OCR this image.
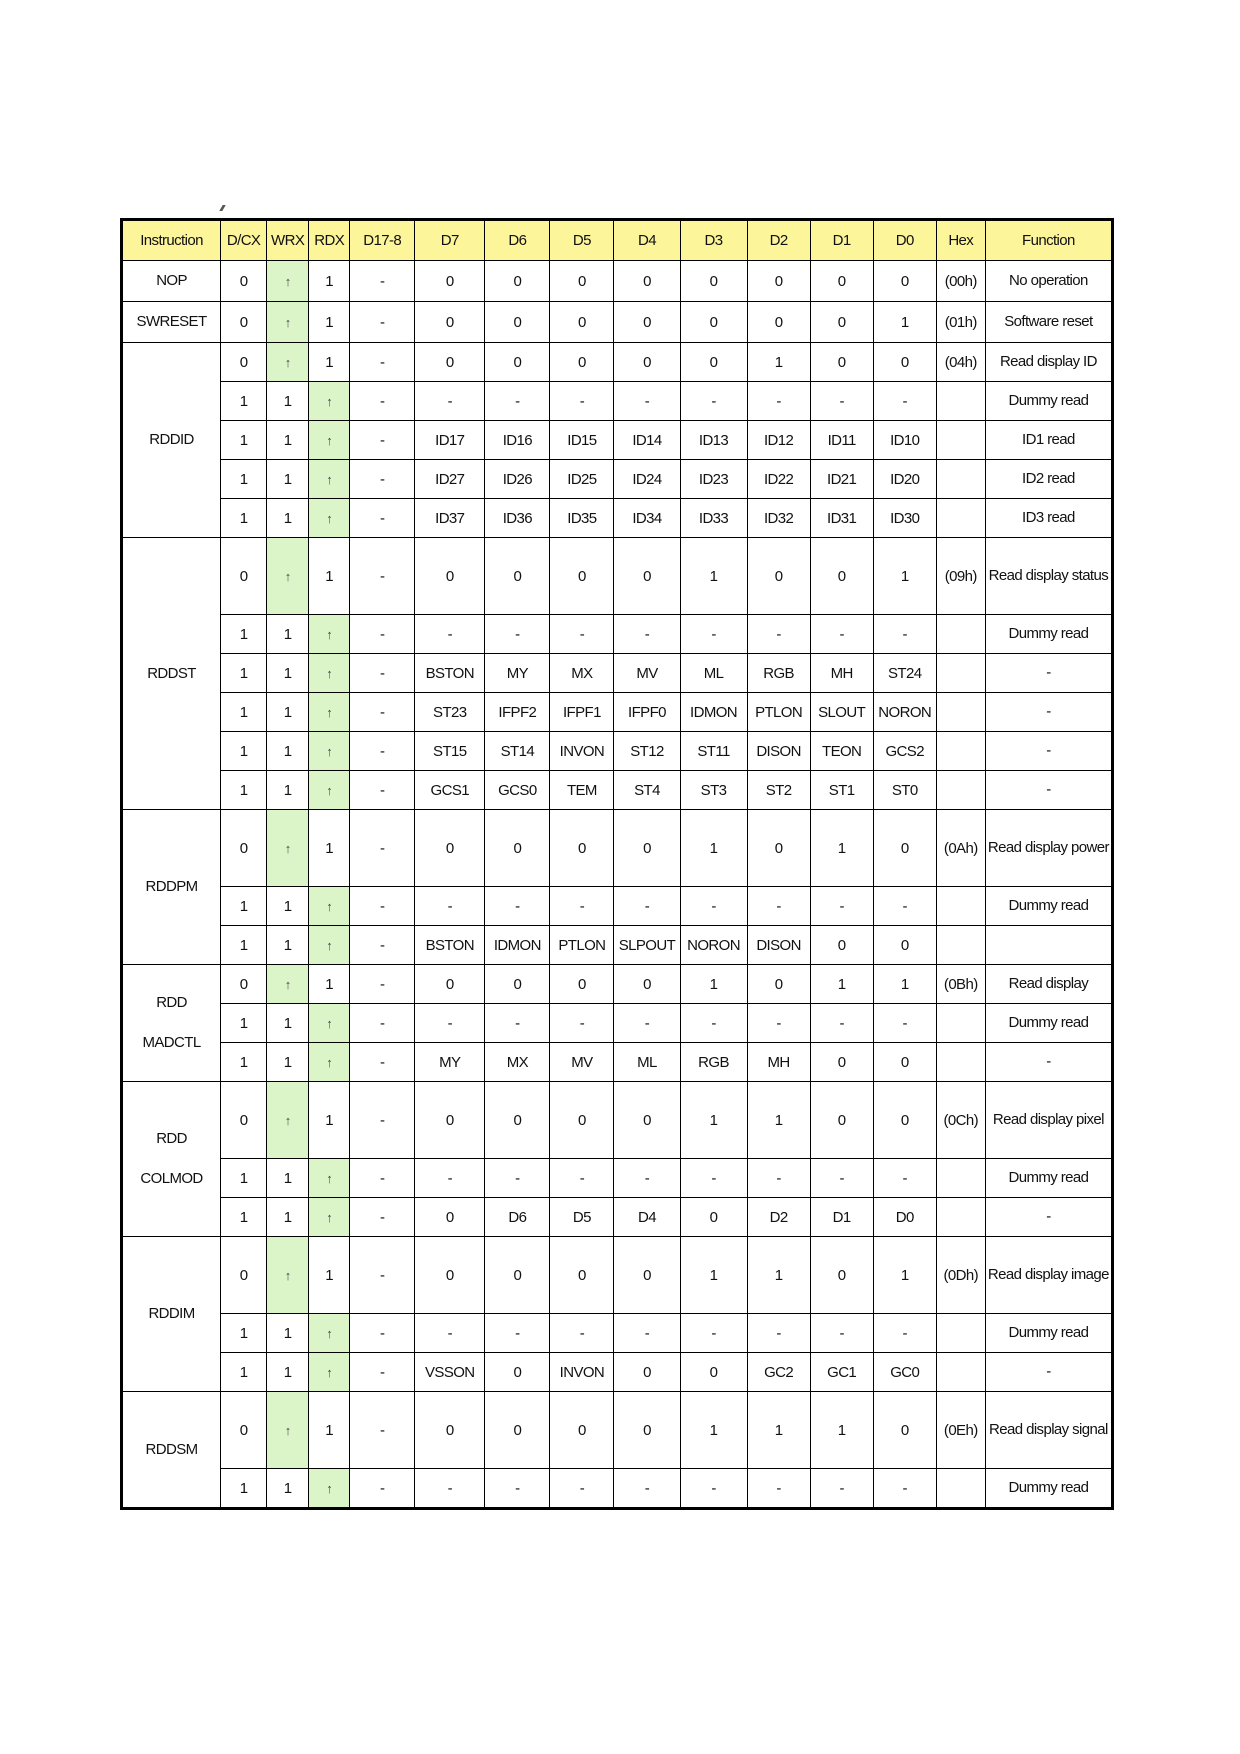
Instruction	D/CX	WRX	RDX	D17-8	D7	D6	D5	D4	D3	D2	D1	D0	Hex	Function

NOP	0	↑	1	-	0	0	0	0	0	0	0	0	(00h)	No operation

SWRESET	0	↑	1	-	0	0	0	0	0	0	0	1	(01h)	Software reset

RDDID	0	↑	1	-	0	0	0	0	0	1	0	0	(04h)	Read display ID
	1	1	↑	-	-	-	-	-	-	-	-	-		Dummy read
	1	1	↑	-	ID17	ID16	ID15	ID14	ID13	ID12	ID11	ID10		ID1 read
	1	1	↑	-	ID27	ID26	ID25	ID24	ID23	ID22	ID21	ID20		ID2 read
	1	1	↑	-	ID37	ID36	ID35	ID34	ID33	ID32	ID31	ID30		ID3 read

RDDST	0	↑	1	-	0	0	0	0	1	0	0	1	(09h)	Read display status
	1	1	↑	-	-	-	-	-	-	-	-	-		Dummy read
	1	1	↑	-	BSTON	MY	MX	MV	ML	RGB	MH	ST24		-
	1	1	↑	-	ST23	IFPF2	IFPF1	IFPF0	IDMON	PTLON	SLOUT	NORON		-
	1	1	↑	-	ST15	ST14	INVON	ST12	ST11	DISON	TEON	GCS2		-
	1	1	↑	-	GCS1	GCS0	TEM	ST4	ST3	ST2	ST1	ST0		-

RDDPM	0	↑	1	-	0	0	0	0	1	0	1	0	(0Ah)	Read display power
	1	1	↑	-	-	-	-	-	-	-	-	-		Dummy read
	1	1	↑	-	BSTON	IDMON	PTLON	SLPOUT	NORON	DISON	0	0		

RDD
MADCTL	0	↑	1	-	0	0	0	0	1	0	1	1	(0Bh)	Read display
	1	1	↑	-	-	-	-	-	-	-	-	-		Dummy read
	1	1	↑	-	MY	MX	MV	ML	RGB	MH	0	0		-

RDD
COLMOD	0	↑	1	-	0	0	0	0	1	1	0	0	(0Ch)	Read display pixel
	1	1	↑	-	-	-	-	-	-	-	-	-		Dummy read
	1	1	↑	-	0	D6	D5	D4	0	D2	D1	D0		-

RDDIM	0	↑	1	-	0	0	0	0	1	1	0	1	(0Dh)	Read display image
	1	1	↑	-	-	-	-	-	-	-	-	-		Dummy read
	1	1	↑	-	VSSON	0	INVON	0	0	GC2	GC1	GC0		-

RDDSM	0	↑	1	-	0	0	0	0	1	1	1	0	(0Eh)	Read display signal
	1	1	↑	-	-	-	-	-	-	-	-	-		Dummy read
